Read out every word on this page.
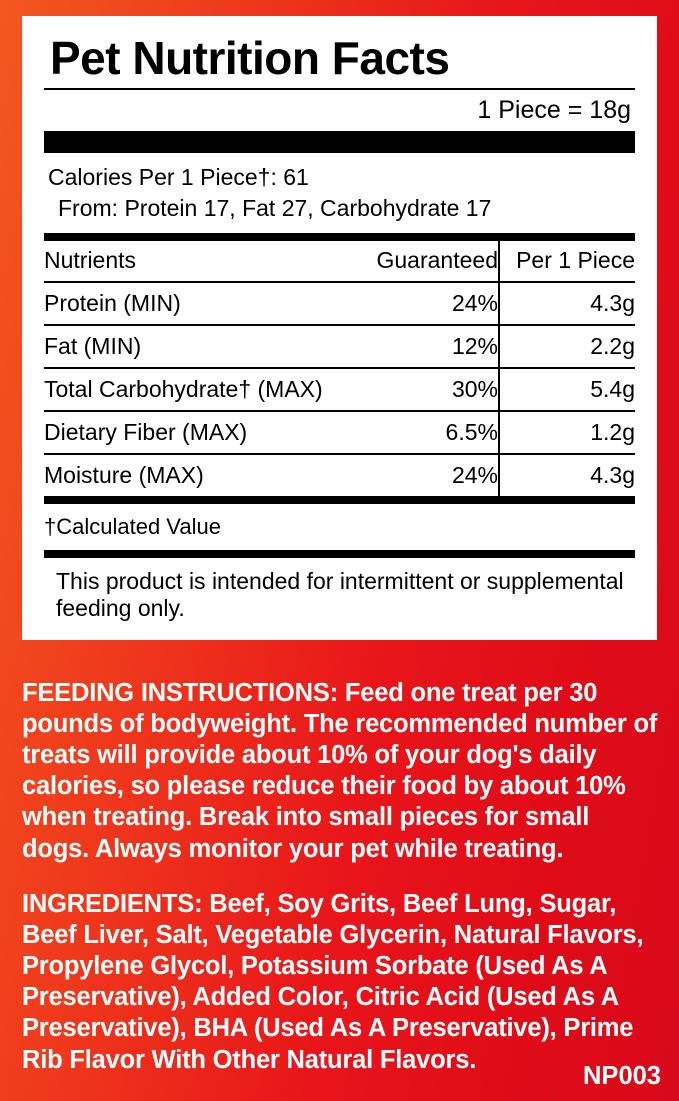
Pet Nutrition Facts
1 Piece = 18g
Calories Per 1 Piece†: 61
From: Protein 17, Fat 27, Carbohydrate 17
Nutrients	Guaranteed	Per 1 Piece
Protein (MIN)	24%	4.3g
Fat (MIN)	12%	2.2g
Total Carbohydrate† (MAX)	30%	5.4g
Dietary Fiber (MAX)	6.5%	1.2g
Moisture (MAX)	24%	4.3g
†Calculated Value
This product is intended for intermittent or supplemental feeding only.
FEEDING INSTRUCTIONS: Feed one treat per 30 pounds of bodyweight. The recommended number of treats will provide about 10% of your dog's daily calories, so please reduce their food by about 10% when treating. Break into small pieces for small dogs. Always monitor your pet while treating.
INGREDIENTS: Beef, Soy Grits, Beef Lung, Sugar, Beef Liver, Salt, Vegetable Glycerin, Natural Flavors, Propylene Glycol, Potassium Sorbate (Used As A Preservative), Added Color, Citric Acid (Used As A Preservative), BHA (Used As A Preservative), Prime Rib Flavor With Other Natural Flavors.
NP003
